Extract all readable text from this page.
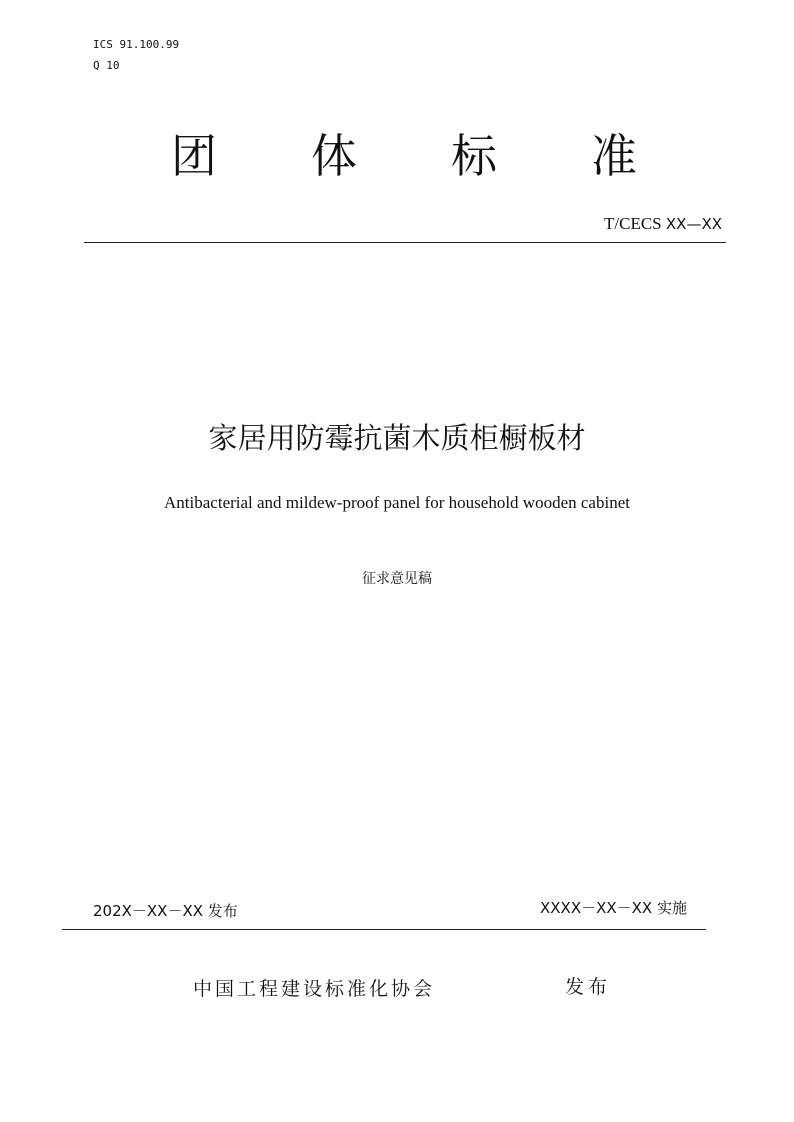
ICS 91.100.99
Q 10
团 体 标 准
T/CECS XX—XX
家居用防霉抗菌木质柜橱板材
Antibacterial and mildew-proof panel for household wooden cabinet
征求意见稿
202X－XX－XX 发布	XXXX－XX－XX 实施
中国工程建设标准化协会	发布
